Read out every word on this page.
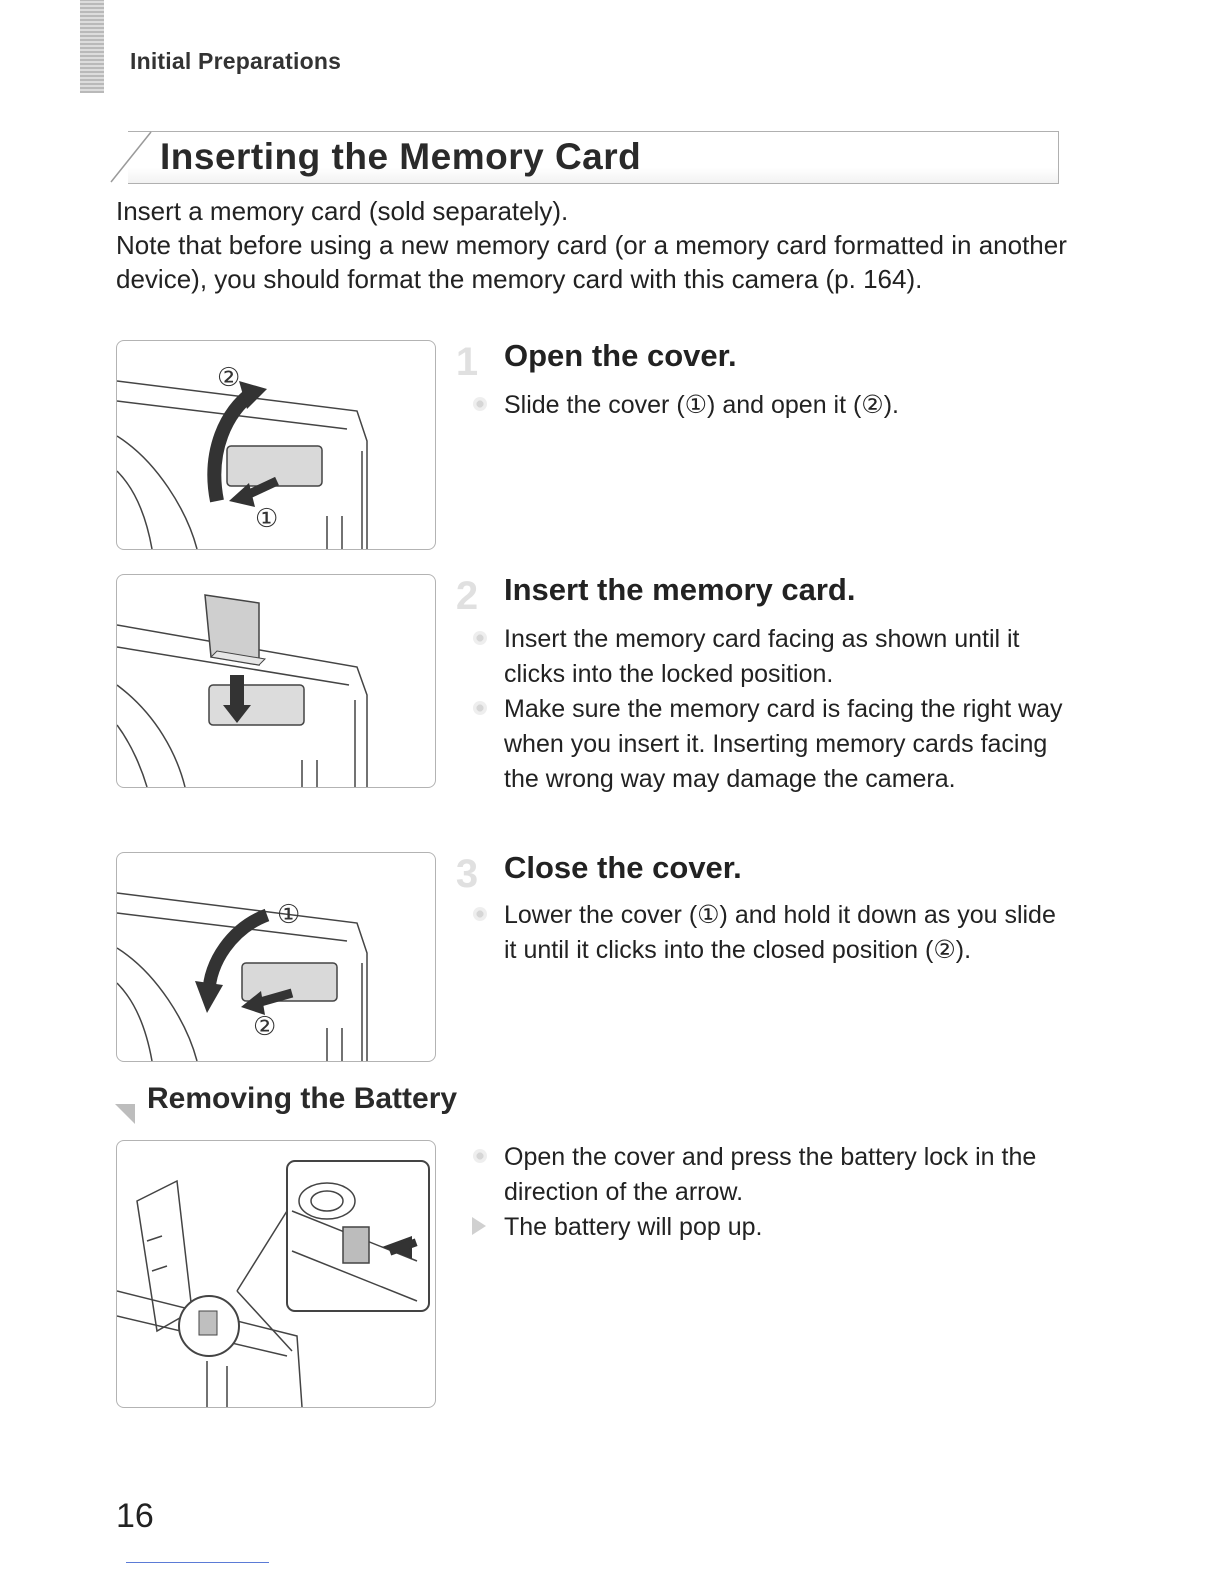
Initial Preparations
Inserting the Memory Card

Insert a memory card (sold separately).

Note that before using a new memory card (or a memory card formatted in another device), you should format the memory card with this camera (p. 164).

②
①
1 Open the cover.
Slide the cover (①) and open it (②).
2 Insert the memory card.
Insert the memory card facing as shown until it clicks into the locked position.
Make sure the memory card is facing the right way when you insert it. Inserting memory cards facing the wrong way may damage the camera.
①
②
3 Close the cover.
Lower the cover (①) and hold it down as you slide it until it clicks into the closed position (②).
Removing the Battery
Open the cover and press the battery lock in the direction of the arrow.
The battery will pop up.
16
